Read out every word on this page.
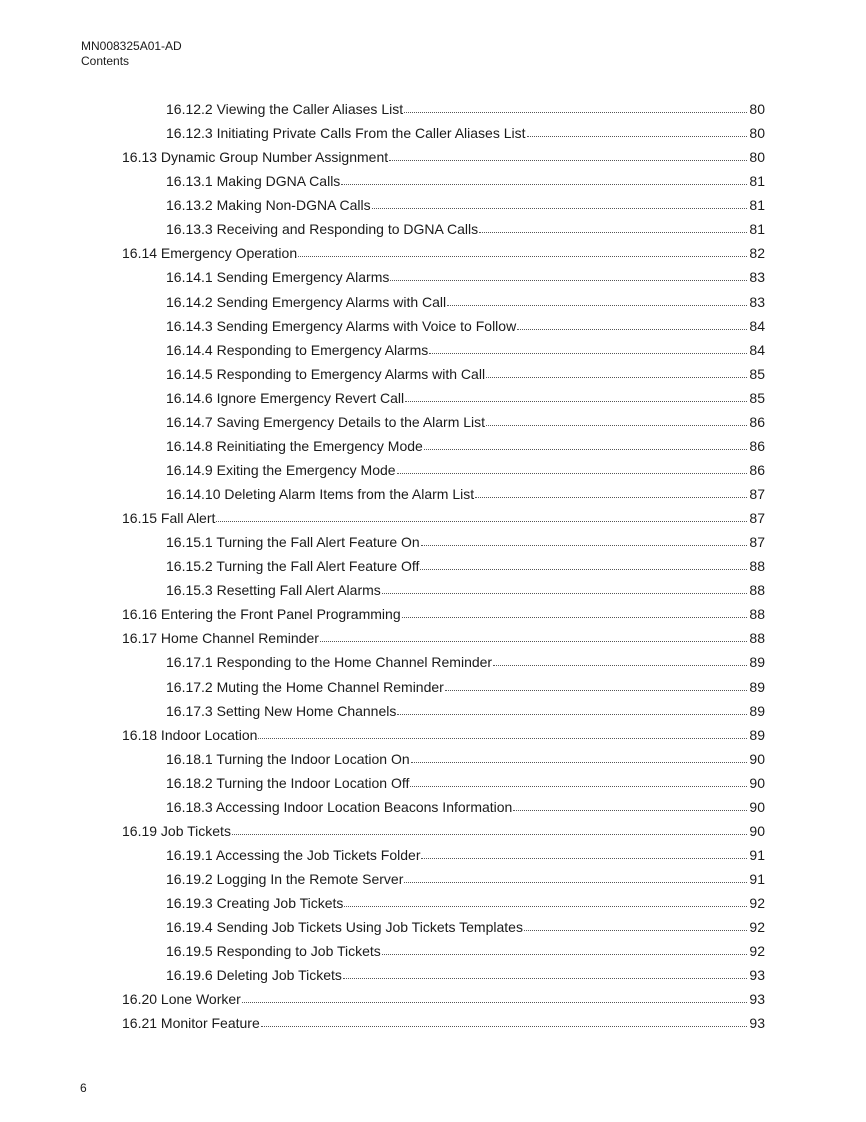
MN008325A01-AD
Contents
16.12.2 Viewing the Caller Aliases List	80
16.12.3 Initiating Private Calls From the Caller Aliases List	80
16.13 Dynamic Group Number Assignment	80
16.13.1 Making DGNA Calls	81
16.13.2 Making Non-DGNA Calls	81
16.13.3 Receiving and Responding to DGNA Calls	81
16.14 Emergency Operation	82
16.14.1 Sending Emergency Alarms	83
16.14.2 Sending Emergency Alarms with Call	83
16.14.3 Sending Emergency Alarms with Voice to Follow	84
16.14.4 Responding to Emergency Alarms	84
16.14.5 Responding to Emergency Alarms with Call	85
16.14.6 Ignore Emergency Revert Call	85
16.14.7 Saving Emergency Details to the Alarm List	86
16.14.8 Reinitiating the Emergency Mode	86
16.14.9 Exiting the Emergency Mode	86
16.14.10 Deleting Alarm Items from the Alarm List	87
16.15 Fall Alert	87
16.15.1 Turning the Fall Alert Feature On	87
16.15.2 Turning the Fall Alert Feature Off	88
16.15.3 Resetting Fall Alert Alarms	88
16.16 Entering the Front Panel Programming	88
16.17 Home Channel Reminder	88
16.17.1 Responding to the Home Channel Reminder	89
16.17.2 Muting the Home Channel Reminder	89
16.17.3 Setting New Home Channels	89
16.18 Indoor Location	89
16.18.1 Turning the Indoor Location On	90
16.18.2 Turning the Indoor Location Off	90
16.18.3 Accessing Indoor Location Beacons Information	90
16.19 Job Tickets	90
16.19.1 Accessing the Job Tickets Folder	91
16.19.2 Logging In the Remote Server	91
16.19.3 Creating Job Tickets	92
16.19.4 Sending Job Tickets Using Job Tickets Templates	92
16.19.5 Responding to Job Tickets	92
16.19.6 Deleting Job Tickets	93
16.20 Lone Worker	93
16.21 Monitor Feature	93
6
